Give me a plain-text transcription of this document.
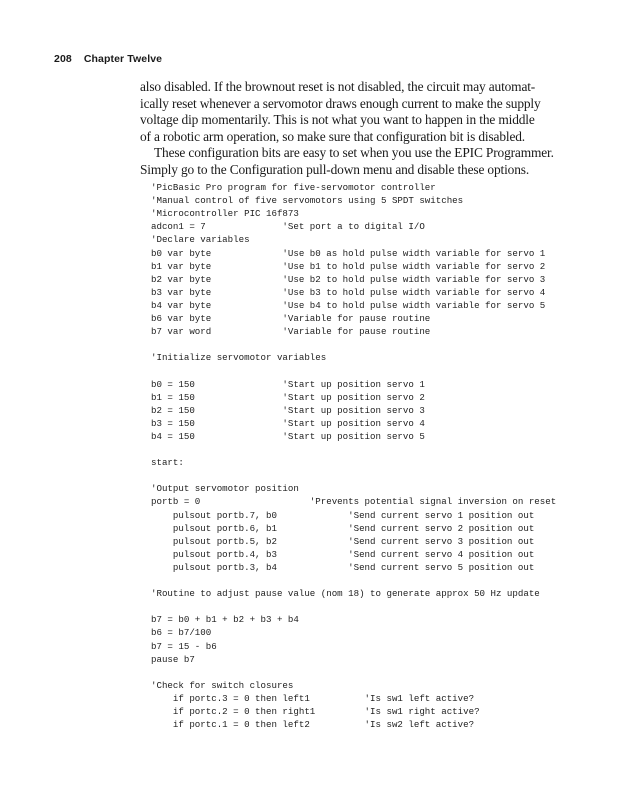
208 Chapter Twelve

also disabled. If the brownout reset is not disabled, the circuit may automat-

ically reset whenever a servomotor draws enough current to make the supply

voltage dip momentarily. This is not what you want to happen in the middle

of a robotic arm operation, so make sure that configuration bit is disabled.

These configuration bits are easy to set when you use the EPIC Programmer.

Simply go to the Configuration pull-down menu and disable these options.

'PicBasic Pro program for five-servomotor controller
'Manual control of five servomotors using 5 SPDT switches
'Microcontroller PIC 16f873
adcon1 = 7              'Set port a to digital I/O
'Declare variables
b0 var byte             'Use b0 as hold pulse width variable for servo 1
b1 var byte             'Use b1 to hold pulse width variable for servo 2
b2 var byte             'Use b2 to hold pulse width variable for servo 3
b3 var byte             'Use b3 to hold pulse width variable for servo 4
b4 var byte             'Use b4 to hold pulse width variable for servo 5
b6 var byte             'Variable for pause routine
b7 var word             'Variable for pause routine
'Initialize servomotor variables
b0 = 150                'Start up position servo 1
b1 = 150                'Start up position servo 2
b2 = 150                'Start up position servo 3
b3 = 150                'Start up position servo 4
b4 = 150                'Start up position servo 5
start:
'Output servomotor position
portb = 0                    'Prevents potential signal inversion on reset
pulsout portb.7, b0             'Send current servo 1 position out
pulsout portb.6, b1             'Send current servo 2 position out
pulsout portb.5, b2             'Send current servo 3 position out
pulsout portb.4, b3             'Send current servo 4 position out
pulsout portb.3, b4             'Send current servo 5 position out
'Routine to adjust pause value (nom 18) to generate approx 50 Hz update
b7 = b0 + b1 + b2 + b3 + b4
b6 = b7/100
b7 = 15 - b6
pause b7
'Check for switch closures
if portc.3 = 0 then left1          'Is sw1 left active?
if portc.2 = 0 then right1         'Is sw1 right active?
if portc.1 = 0 then left2          'Is sw2 left active?
